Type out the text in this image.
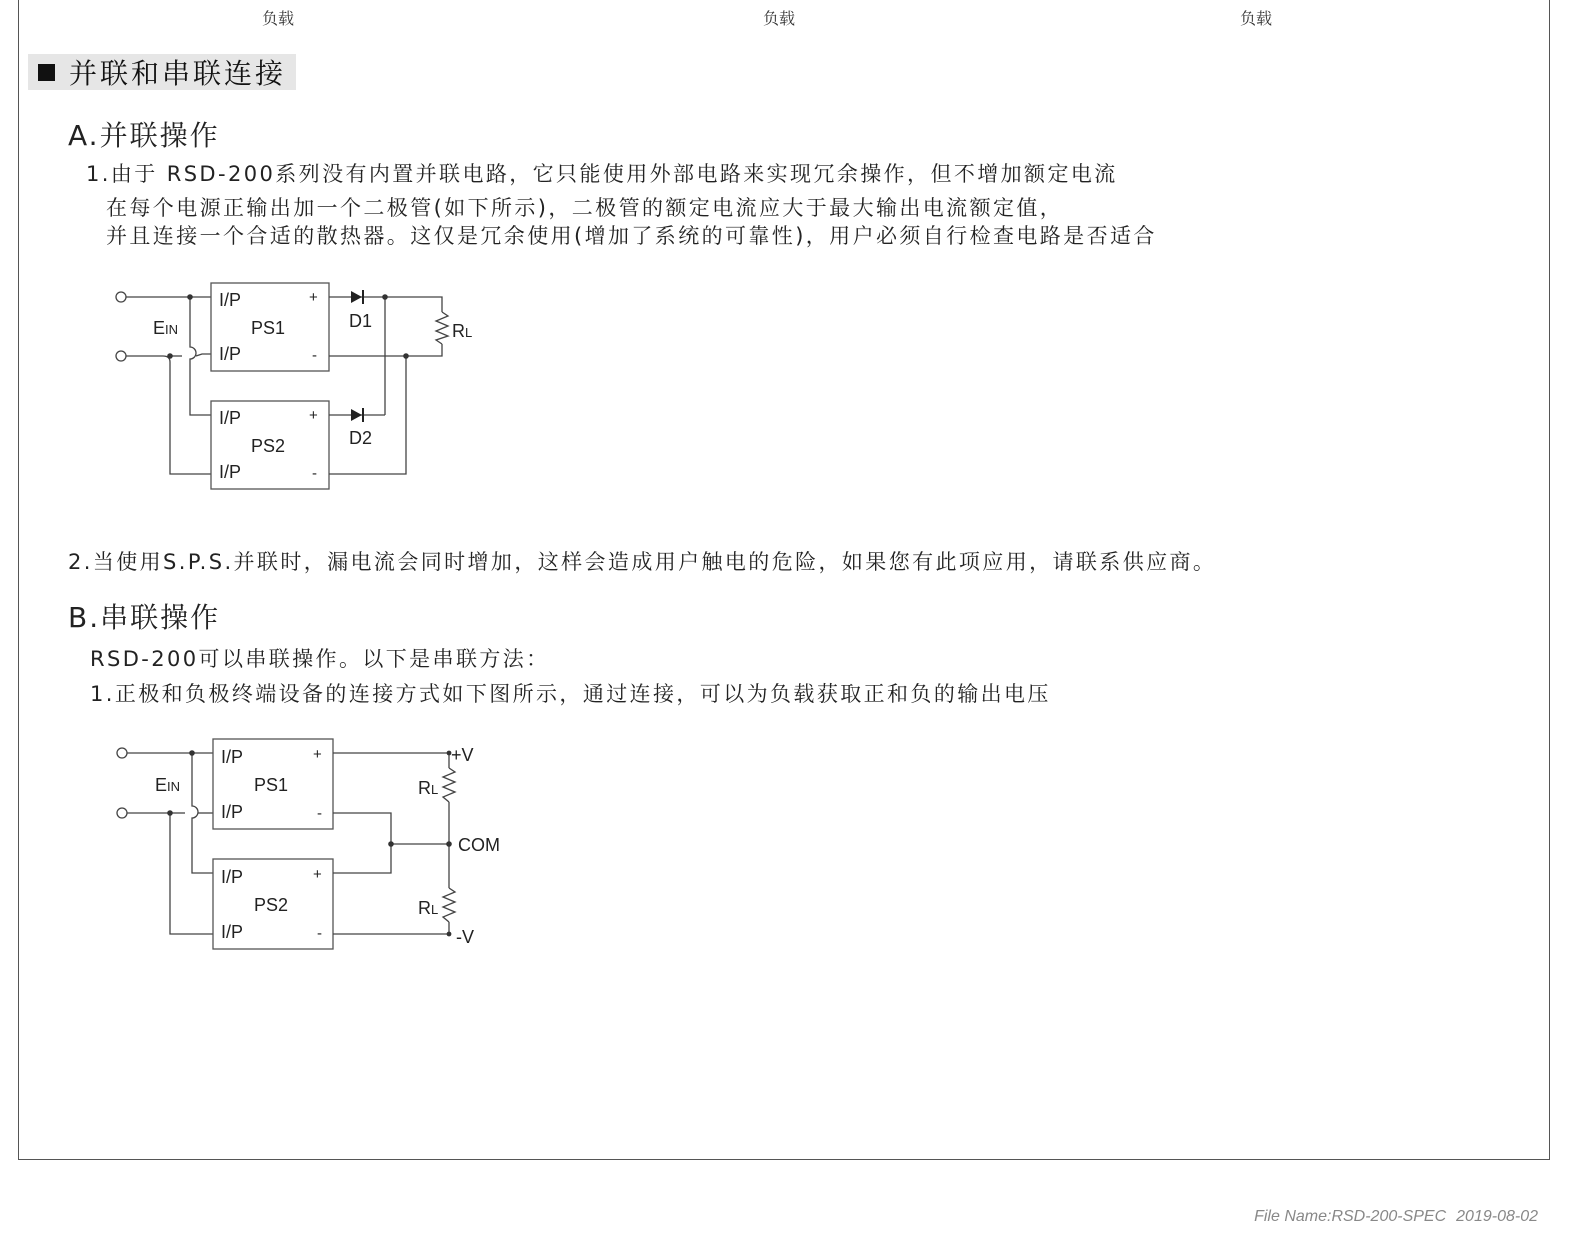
负载	负载	负载
并联和串联连接
A.并联操作
1.由于 RSD-200系列没有内置并联电路，它只能使用外部电路来实现冗余操作，但不增加额定电流
在每个电源正输出加一个二极管(如下所示)，二极管的额定电流应大于最大输出电流额定值，
并且连接一个合适的散热器。这仅是冗余使用(增加了系统的可靠性)，用户必须自行检查电路是否适合
EIN
I/P
I/P
PS1
+
-
I/P
I/P
PS2
+
-
D1
D2
RL
2.当使用S.P.S.并联时，漏电流会同时增加，这样会造成用户触电的危险，如果您有此项应用，请联系供应商。
B.串联操作
RSD-200可以串联操作。以下是串联方法：
1.正极和负极终端设备的连接方式如下图所示，通过连接，可以为负载获取正和负的输出电压
EIN
I/P
I/P
PS1
+
-
I/P
I/P
PS2
+
-
RL
RL
+V
COM
-V
File Name:RSD-200-SPEC 2019-08-02
